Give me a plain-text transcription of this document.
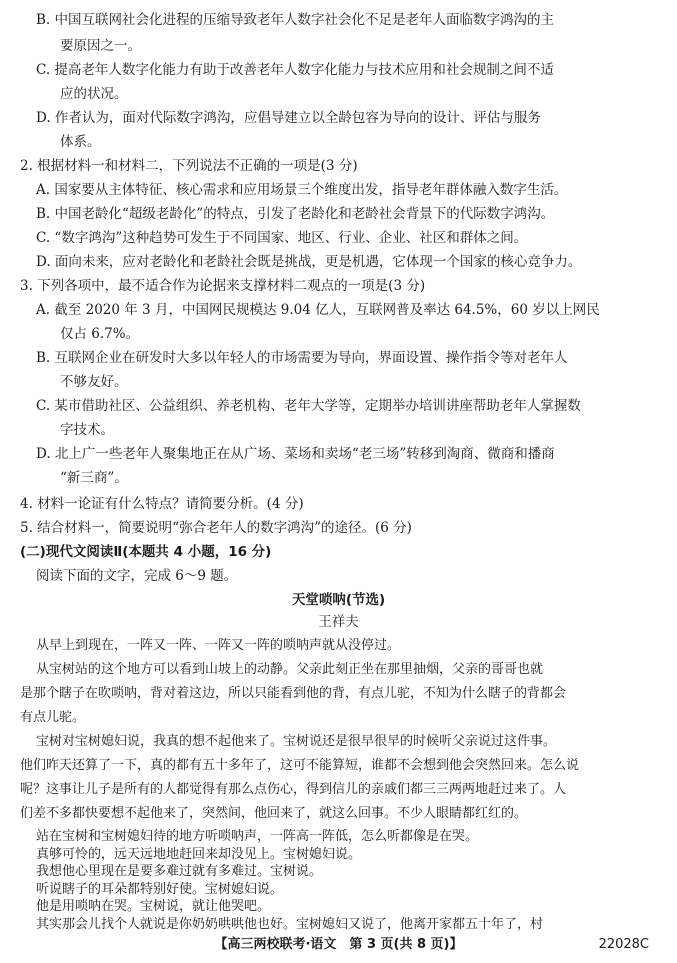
B. 中国互联网社会化进程的压缩导致老年人数字社会化不足是老年人面临数字鸿沟的主
要原因之一。
C. 提高老年人数字化能力有助于改善老年人数字化能力与技术应用和社会规制之间不适
应的状况。
D. 作者认为，面对代际数字鸿沟，应倡导建立以全龄包容为导向的设计、评估与服务
体系。
2. 根据材料一和材料二，下列说法不正确的一项是(3 分)
A. 国家要从主体特征、核心需求和应用场景三个维度出发，指导老年群体融入数字生活。
B. 中国老龄化“超级老龄化”的特点，引发了老龄化和老龄社会背景下的代际数字鸿沟。
C. “数字鸿沟”这种趋势可发生于不同国家、地区、行业、企业、社区和群体之间。
D. 面向未来，应对老龄化和老龄社会既是挑战，更是机遇，它体现一个国家的核心竞争力。
3. 下列各项中，最不适合作为论据来支撑材料二观点的一项是(3 分)
A. 截至 2020 年 3 月，中国网民规模达 9.04 亿人，互联网普及率达 64.5%，60 岁以上网民
仅占 6.7%。
B. 互联网企业在研发时大多以年轻人的市场需要为导向，界面设置、操作指令等对老年人
不够友好。
C. 某市借助社区、公益组织、养老机构、老年大学等，定期举办培训讲座帮助老年人掌握数
字技术。
D. 北上广一些老年人聚集地正在从广场、菜场和卖场“老三场”转移到淘商、微商和播商
“新三商”。
4. 材料一论证有什么特点？请简要分析。(4 分)
5. 结合材料一，简要说明“弥合老年人的数字鸿沟”的途径。(6 分)
(二)现代文阅读Ⅱ(本题共 4 小题，16 分)
阅读下面的文字，完成 6～9 题。
天堂唢呐(节选)
王祥夫
从早上到现在，一阵又一阵、一阵又一阵的唢呐声就从没停过。
从宝树站的这个地方可以看到山坡上的动静。父亲此刻正坐在那里抽烟，父亲的哥哥也就
是那个瞎子在吹唢呐，背对着这边，所以只能看到他的背，有点儿驼，不知为什么瞎子的背都会
有点儿驼。
宝树对宝树媳妇说，我真的想不起他来了。宝树说还是很早很早的时候听父亲说过这件事。
他们昨天还算了一下，真的都有五十多年了，这可不能算短，谁都不会想到他会突然回来。怎么说
呢？这事让儿子是所有的人都觉得有那么点伤心，得到信儿的亲戚们都三三两两地赶过来了。人
们差不多都快要想不起他来了，突然间，他回来了，就这么回事。不少人眼睛都红红的。
站在宝树和宝树媳妇待的地方听唢呐声，一阵高一阵低，怎么听都像是在哭。
真够可怜的，远天远地地赶回来却没见上。宝树媳妇说。
我想他心里现在是要多难过就有多难过。宝树说。
听说瞎子的耳朵都特别好使。宝树媳妇说。
他是用唢呐在哭。宝树说，就让他哭吧。
其实那会儿找个人就说是你奶奶哄哄他也好。宝树媳妇又说了，他离开家都五十年了，村
【高三两校联考·语文　第 3 页(共 8 页)】	22028C
